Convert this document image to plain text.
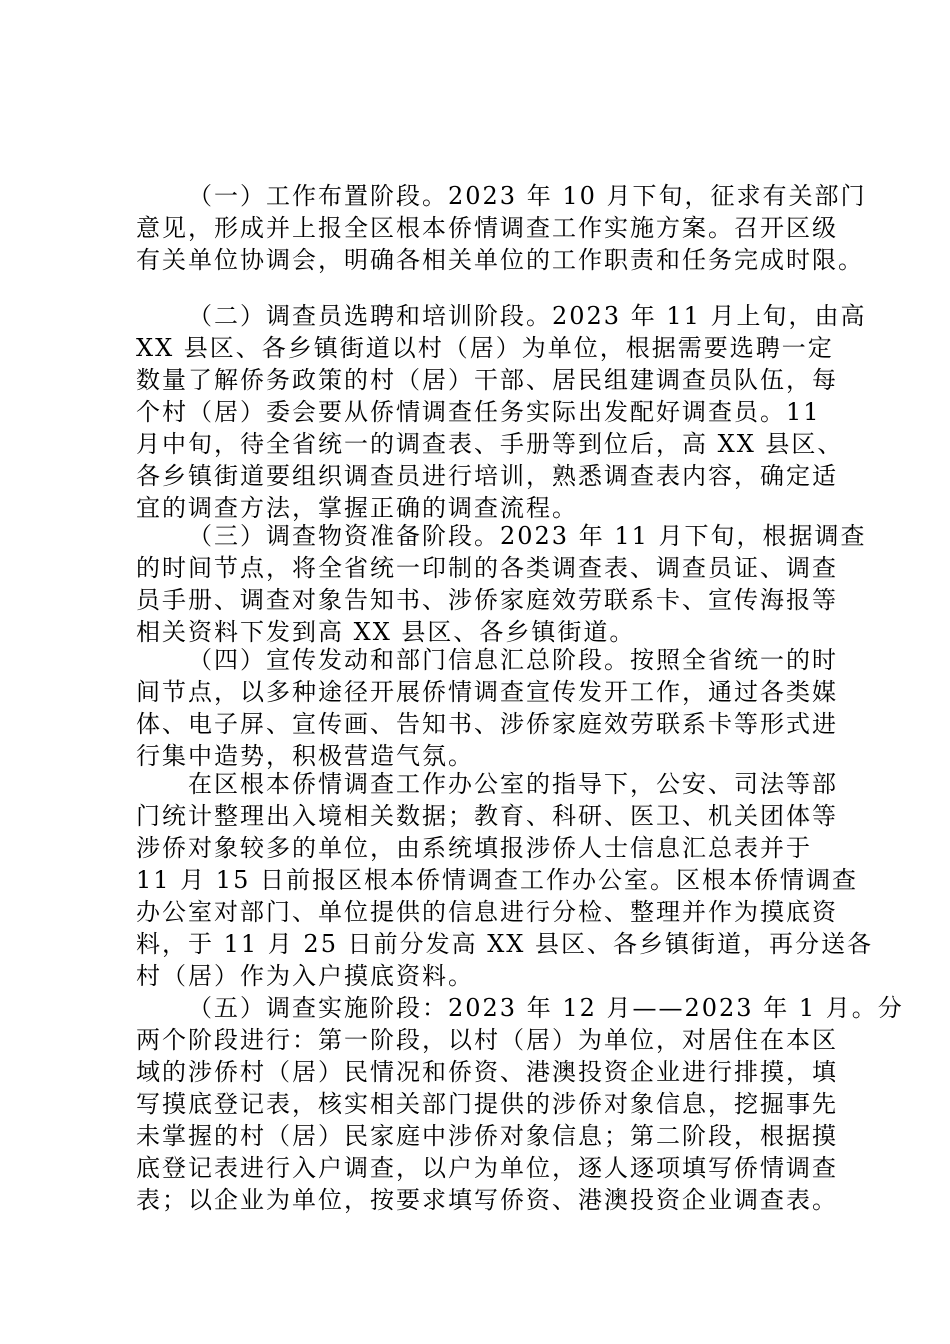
（一）工作布置阶段。2023 年 10 月下旬，征求有关部门
意见，形成并上报全区根本侨情调查工作实施方案。召开区级
有关单位协调会，明确各相关单位的工作职责和任务完成时限。
（二）调查员选聘和培训阶段。2023 年 11 月上旬，由高
XX 县区、各乡镇街道以村（居）为单位，根据需要选聘一定
数量了解侨务政策的村（居）干部、居民组建调查员队伍，每
个村（居）委会要从侨情调查任务实际出发配好调查员。11
月中旬，待全省统一的调查表、手册等到位后，高 XX 县区、
各乡镇街道要组织调查员进行培训，熟悉调查表内容，确定适
宜的调查方法，掌握正确的调查流程。
（三）调查物资准备阶段。2023 年 11 月下旬，根据调查
的时间节点，将全省统一印制的各类调查表、调查员证、调查
员手册、调查对象告知书、涉侨家庭效劳联系卡、宣传海报等
相关资料下发到高 XX 县区、各乡镇街道。
（四）宣传发动和部门信息汇总阶段。按照全省统一的时
间节点，以多种途径开展侨情调查宣传发开工作，通过各类媒
体、电子屏、宣传画、告知书、涉侨家庭效劳联系卡等形式进
行集中造势，积极营造气氛。
在区根本侨情调查工作办公室的指导下，公安、司法等部
门统计整理出入境相关数据；教育、科研、医卫、机关团体等
涉侨对象较多的单位，由系统填报涉侨人士信息汇总表并于
11 月 15 日前报区根本侨情调查工作办公室。区根本侨情调查
办公室对部门、单位提供的信息进行分检、整理并作为摸底资
料，于 11 月 25 日前分发高 XX 县区、各乡镇街道，再分送各
村（居）作为入户摸底资料。
（五）调查实施阶段：2023 年 12 月——2023 年 1 月。分
两个阶段进行：第一阶段，以村（居）为单位，对居住在本区
域的涉侨村（居）民情况和侨资、港澳投资企业进行排摸，填
写摸底登记表，核实相关部门提供的涉侨对象信息，挖掘事先
未掌握的村（居）民家庭中涉侨对象信息；第二阶段，根据摸
底登记表进行入户调查，以户为单位，逐人逐项填写侨情调查
表；以企业为单位，按要求填写侨资、港澳投资企业调查表。
